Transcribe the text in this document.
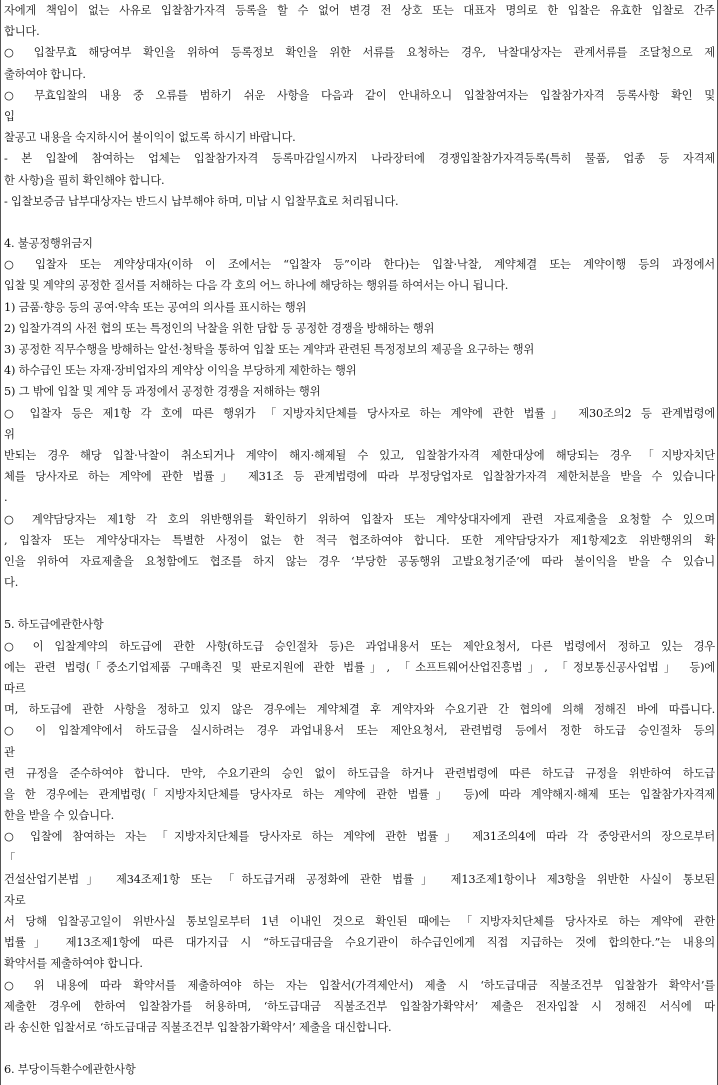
자에게 책임이 없는 사유로 입찰참가자격 등록을 할 수 없어 변경 전 상호 또는 대표자 명의로 한 입찰은 유효한 입찰로 간주
합니다.
○ 입찰무효 해당여부 확인을 위하여 등록정보 확인을 위한 서류를 요청하는 경우, 낙찰대상자는 관계서류를 조달청으로 제
출하여야 합니다.
○ 무효입찰의 내용 중 오류를 범하기 쉬운 사항을 다음과 같이 안내하오니 입찰참여자는 입찰참가자격 등록사항 확인 및
입
찰공고 내용을 숙지하시어 불이익이 없도록 하시기 바랍니다.
- 본 입찰에 참여하는 업체는 입찰참가자격 등록마감일시까지 나라장터에 경쟁입찰참가자격등록(특히 물품, 업종 등 자격제
한 사항)을 필히 확인해야 합니다.
- 입찰보증금 납부대상자는 반드시 납부해야 하며, 미납 시 입찰무효로 처리됩니다.
4. 불공정행위금지
○ 입찰자 또는 계약상대자(이하 이 조에서는 “입찰자 등”이라 한다)는 입찰·낙찰, 계약체결 또는 계약이행 등의 과정에서
입찰 및 계약의 공정한 질서를 저해하는 다음 각 호의 어느 하나에 해당하는 행위를 하여서는 아니 됩니다.
1) 금품·향응 등의 공여·약속 또는 공여의 의사를 표시하는 행위
2) 입찰가격의 사전 협의 또는 특정인의 낙찰을 위한 담합 등 공정한 경쟁을 방해하는 행위
3) 공정한 직무수행을 방해하는 알선·청탁을 통하여 입찰 또는 계약과 관련된 특정정보의 제공을 요구하는 행위
4) 하수급인 또는 자재·장비업자의 계약상 이익을 부당하게 제한하는 행위
5) 그 밖에 입찰 및 계약 등 과정에서 공정한 경쟁을 저해하는 행위
○ 입찰자 등은 제1항 각 호에 따른 행위가 「지방자치단체를 당사자로 하는 계약에 관한 법률」 제30조의2 등 관계법령에
위
반되는 경우 해당 입찰·낙찰이 취소되거나 계약이 해지·해제될 수 있고, 입찰참가자격 제한대상에 해당되는 경우 「지방자치단
체를 당사자로 하는 계약에 관한 법률」 제31조 등 관계법령에 따라 부정당업자로 입찰참가자격 제한처분을 받을 수 있습니다
.
○ 계약담당자는 제1항 각 호의 위반행위를 확인하기 위하여 입찰자 또는 계약상대자에게 관련 자료제출을 요청할 수 있으며
, 입찰자 또는 계약상대자는 특별한 사정이 없는 한 적극 협조하여야 합니다. 또한 계약담당자가 제1항제2호 위반행위의 확
인을 위하여 자료제출을 요청함에도 협조를 하지 않는 경우 ‘부당한 공동행위 고발요청기준’에 따라 불이익을 받을 수 있습니
다.
5. 하도급에관한사항
○ 이 입찰계약의 하도급에 관한 사항(하도급 승인절차 등)은 과업내용서 또는 제안요청서, 다른 법령에서 정하고 있는 경우
에는 관련 법령(「중소기업제품 구매촉진 및 판로지원에 관한 법률」, 「소프트웨어산업진흥법」, 「정보통신공사업법」 등)에
따르
며, 하도급에 관한 사항을 정하고 있지 않은 경우에는 계약체결 후 계약자와 수요기관 간 협의에 의해 정해진 바에 따릅니다.
○ 이 입찰계약에서 하도급을 실시하려는 경우 과업내용서 또는 제안요청서, 관련법령 등에서 정한 하도급 승인절차 등의
관
련 규정을 준수하여야 합니다. 만약, 수요기관의 승인 없이 하도급을 하거나 관련법령에 따른 하도급 규정을 위반하여 하도급
을 한 경우에는 관계법령(「지방자치단체를 당사자로 하는 계약에 관한 법률」 등)에 따라 계약해지·해제 또는 입찰참가자격제
한을 받을 수 있습니다.
○ 입찰에 참여하는 자는 「지방자치단체를 당사자로 하는 계약에 관한 법률」 제31조의4에 따라 각 중앙관서의 장으로부터
「
건설산업기본법」 제34조제1항 또는 「하도급거래 공정화에 관한 법률」 제13조제1항이나 제3항을 위반한 사실이 통보된
자로
서 당해 입찰공고일이 위반사실 통보일로부터 1년 이내인 것으로 확인된 때에는 「지방자치단체를 당사자로 하는 계약에 관한
법률」 제13조제1항에 따른 대가지급 시 “하도급대금을 수요기관이 하수급인에게 직접 지급하는 것에 합의한다.”는 내용의
확약서를 제출하여야 합니다.
○ 위 내용에 따라 확약서를 제출하여야 하는 자는 입찰서(가격제안서) 제출 시 ‘하도급대금 직불조건부 입찰참가 확약서’를
제출한 경우에 한하여 입찰참가를 허용하며, ‘하도급대금 직불조건부 입찰참가확약서’ 제출은 전자입찰 시 정해진 서식에 따
라 송신한 입찰서로 ‘하도급대금 직불조건부 입찰참가확약서’ 제출을 대신합니다.
6. 부당이득환수에관한사항
